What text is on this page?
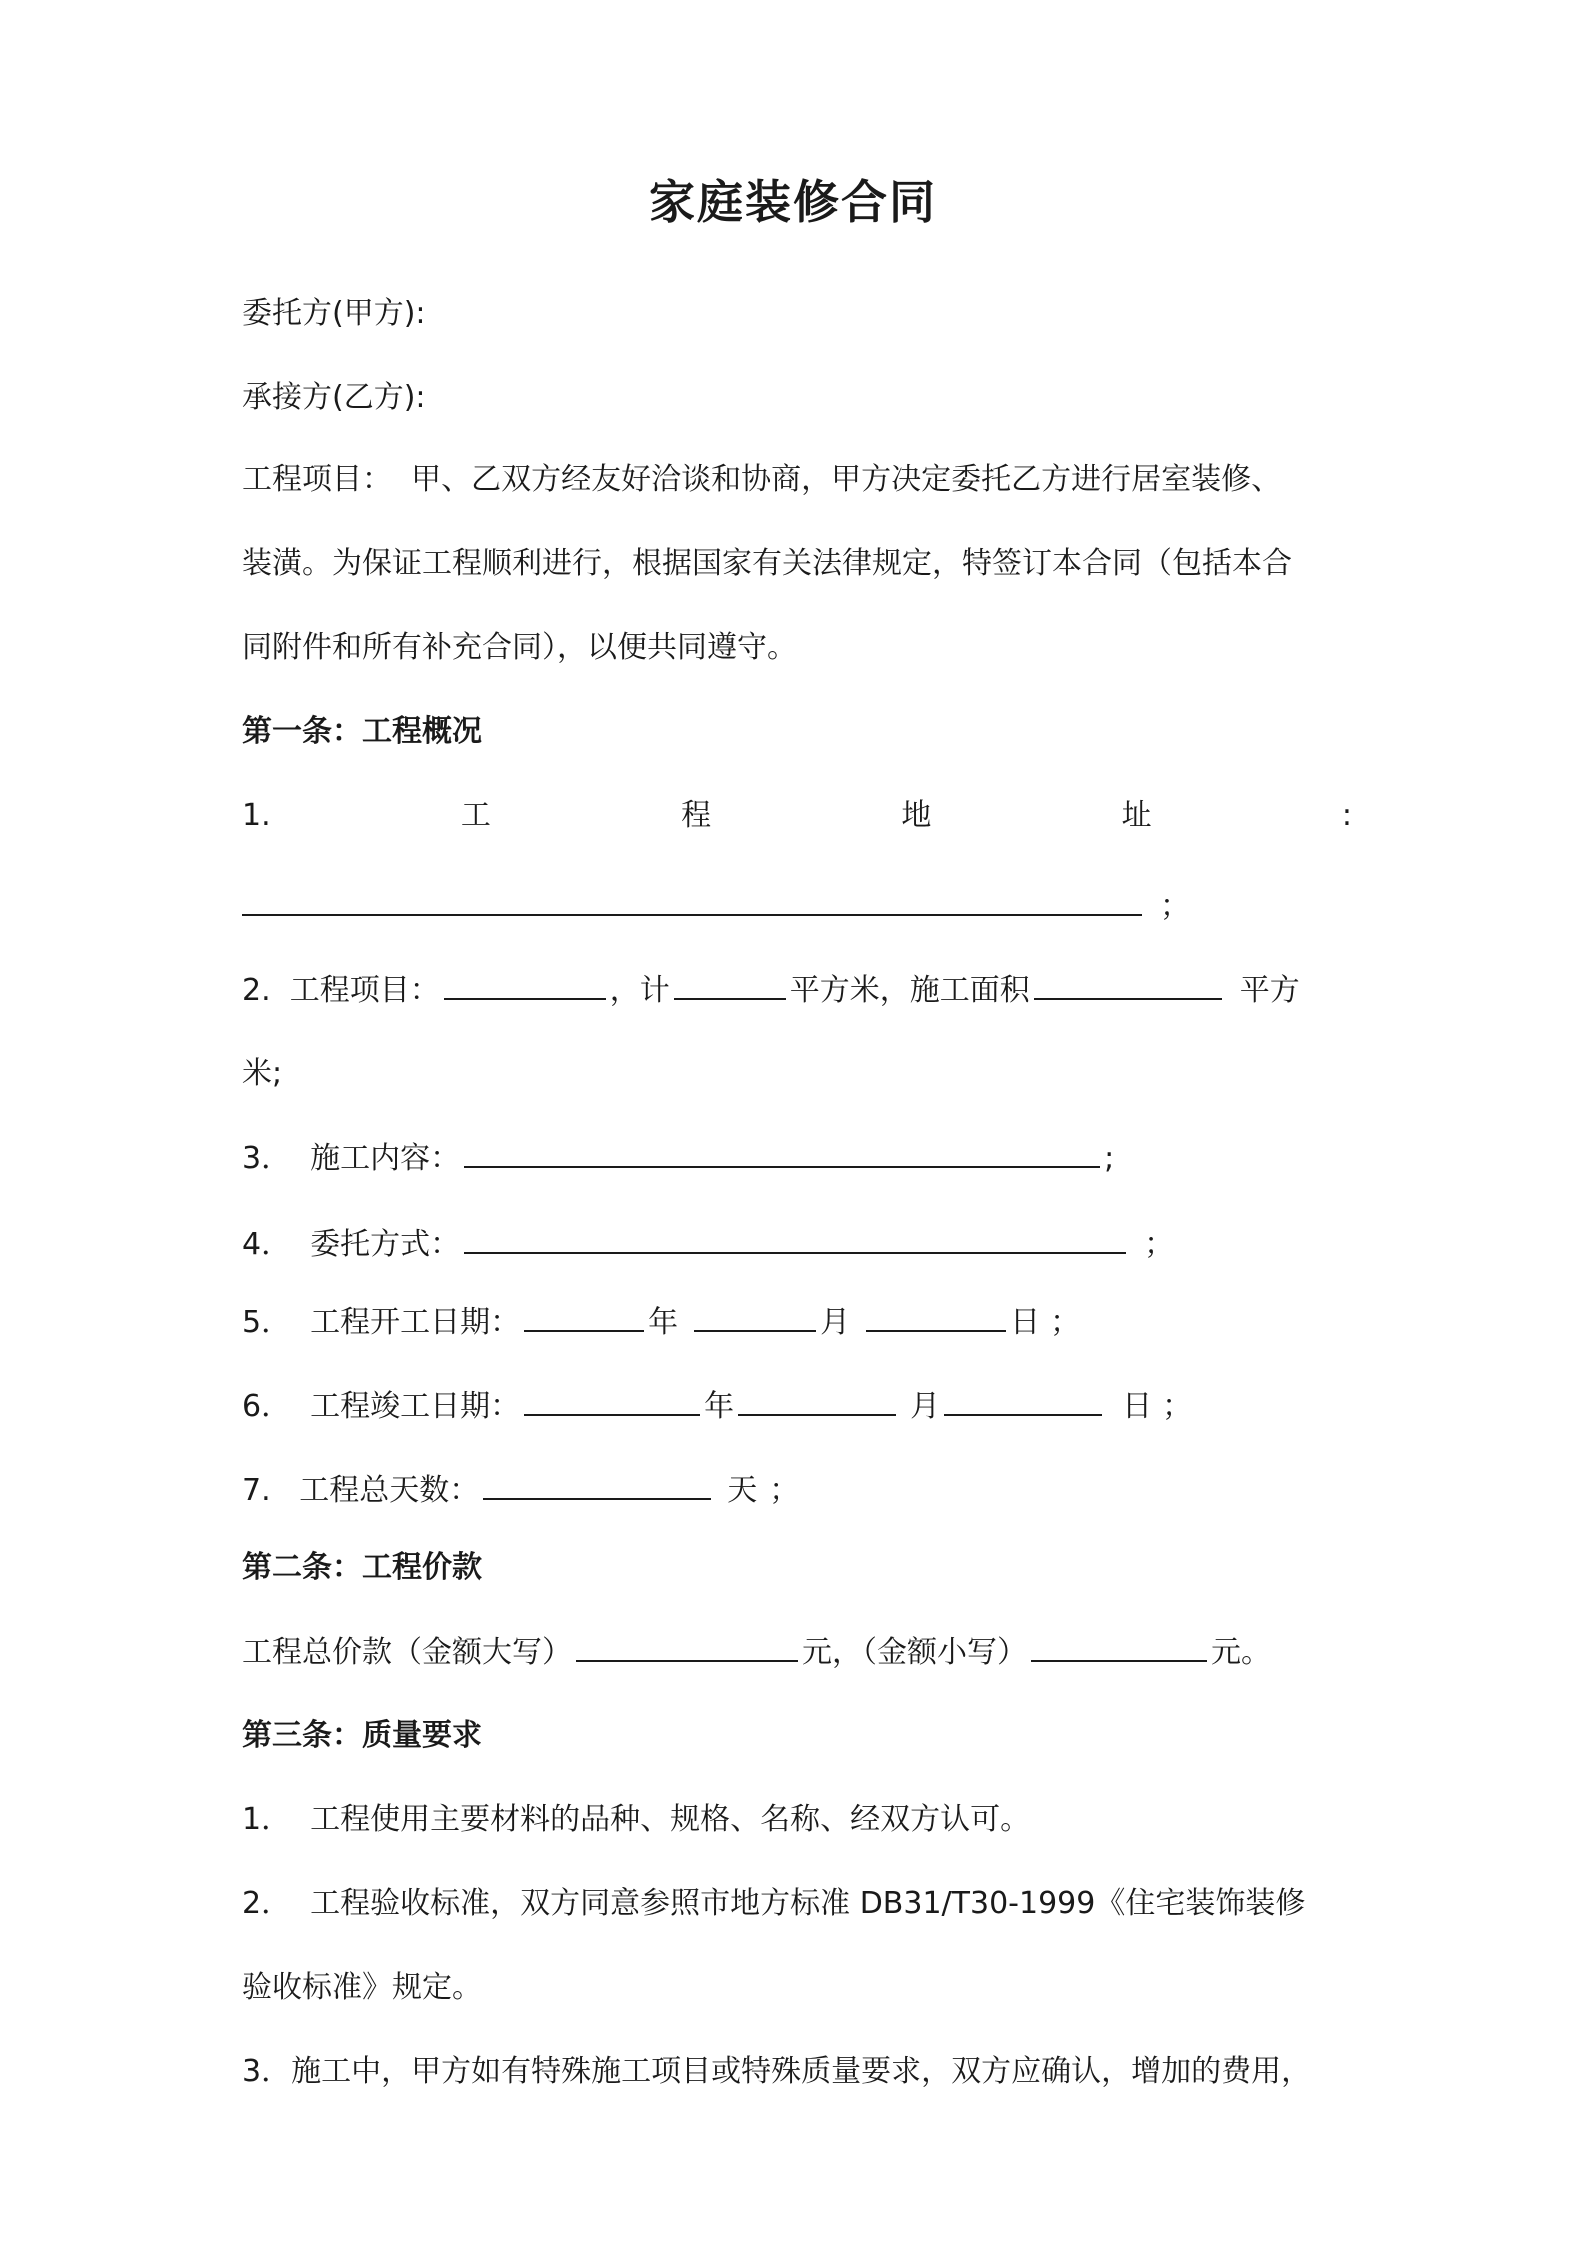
家庭装修合同
委托方(甲方):
承接方(乙方):
工程项目：  甲、乙双方经友好洽谈和协商，甲方决定委托乙方进行居室装修、
装潢。为保证工程顺利进行，根据国家有关法律规定，特签订本合同（包括本合
同附件和所有补充合同），以便共同遵守。
第一条：工程概况
1.	工	程	地	址	:
；
2.  工程项目：	，计	平方米，施工面积	平方
米;
3．  施工内容：	;
4．  委托方式：	；
5．  工程开工日期：	年	月	日 ；
6．  工程竣工日期：	年	月	日 ；
7.   工程总天数：	天 ；
第二条：工程价款
工程总价款（金额大写）	元，（金额小写）	元。
第三条：质量要求
1．  工程使用主要材料的品种、规格、名称、经双方认可。
2．  工程验收标准，双方同意参照市地方标准 DB31/T30-1999《住宅装饰装修
验收标准》规定。
3．施工中，甲方如有特殊施工项目或特殊质量要求，双方应确认，增加的费用，
